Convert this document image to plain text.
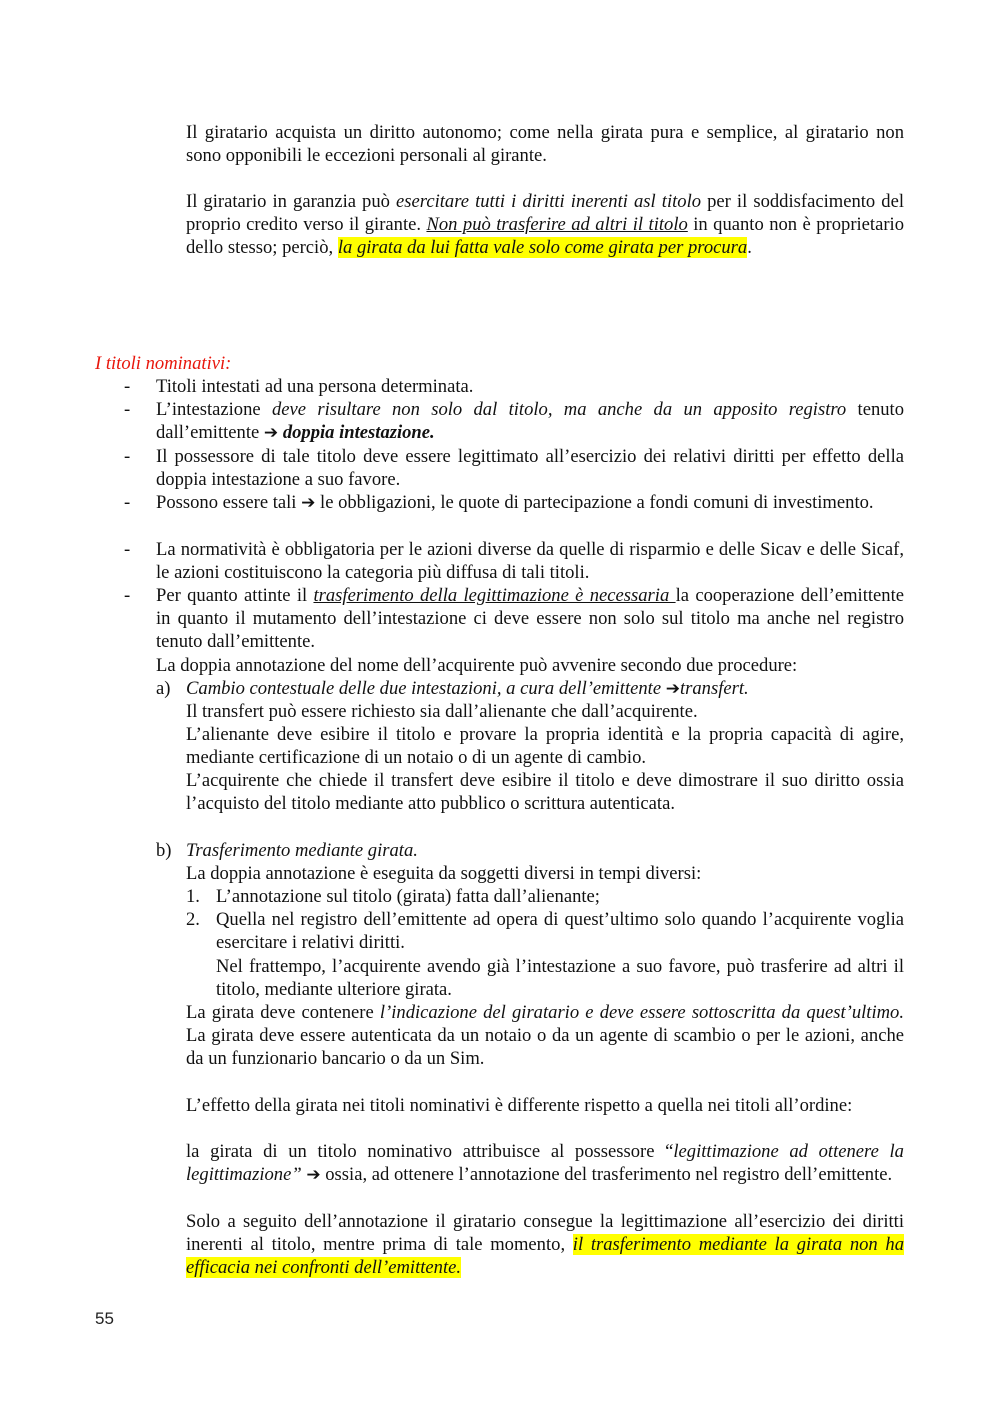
Il giratario acquista un diritto autonomo; come nella girata pura e semplice, al giratario non sono opponibili le eccezioni personali al girante.

Il giratario in garanzia può esercitare tutti i diritti inerenti asl titolo per il soddisfacimento del proprio credito verso il girante. Non può trasferire ad altri il titolo in quanto non è proprietario dello stesso; perciò, la girata da lui fatta vale solo come girata per procura.

I titoli nominativi:
- Titoli intestati ad una persona determinata.
- L’intestazione deve risultare non solo dal titolo, ma anche da un apposito registro tenuto dall’emittente ➔ doppia intestazione.
- Il possessore di tale titolo deve essere legittimato all’esercizio dei relativi diritti per effetto della doppia intestazione a suo favore.
- Possono essere tali ➔ le obbligazioni, le quote di partecipazione a fondi comuni di investimento.
- La normatività è obbligatoria per le azioni diverse da quelle di risparmio e delle Sicav e delle Sicaf, le azioni costituiscono la categoria più diffusa di tali titoli.
- Per quanto attinte il trasferimento della legittimazione è necessaria la cooperazione dell’emittente in quanto il mutamento dell’intestazione ci deve essere non solo sul titolo ma anche nel registro tenuto dall’emittente.
La doppia annotazione del nome dell’acquirente può avvenire secondo due procedure:
a) Cambio contestuale delle due intestazioni, a cura dell’emittente ➔transfert.
Il transfert può essere richiesto sia dall’alienante che dall’acquirente.
L’alienante deve esibire il titolo e provare la propria identità e la propria capacità di agire, mediante certificazione di un notaio o di un agente di cambio.
L’acquirente che chiede il transfert deve esibire il titolo e deve dimostrare il suo diritto ossia l’acquisto del titolo mediante atto pubblico o scrittura autenticata.
b) Trasferimento mediante girata.
La doppia annotazione è eseguita da soggetti diversi in tempi diversi:
1. L’annotazione sul titolo (girata) fatta dall’alienante;
2. Quella nel registro dell’emittente ad opera di quest’ultimo solo quando l’acquirente voglia esercitare i relativi diritti.
Nel frattempo, l’acquirente avendo già l’intestazione a suo favore, può trasferire ad altri il titolo, mediante ulteriore girata.
La girata deve contenere l’indicazione del giratario e deve essere sottoscritta da quest’ultimo. La girata deve essere autenticata da un notaio o da un agente di scambio o per le azioni, anche da un funzionario bancario o da un Sim.
L’effetto della girata nei titoli nominativi è differente rispetto a quella nei titoli all’ordine:
la girata di un titolo nominativo attribuisce al possessore “legittimazione ad ottenere la legittimazione” ➔ ossia, ad ottenere l’annotazione del trasferimento nel registro dell’emittente.
Solo a seguito dell’annotazione il giratario consegue la legittimazione all’esercizio dei diritti inerenti al titolo, mentre prima di tale momento, il trasferimento mediante la girata non ha efficacia nei confronti dell’emittente.
55
